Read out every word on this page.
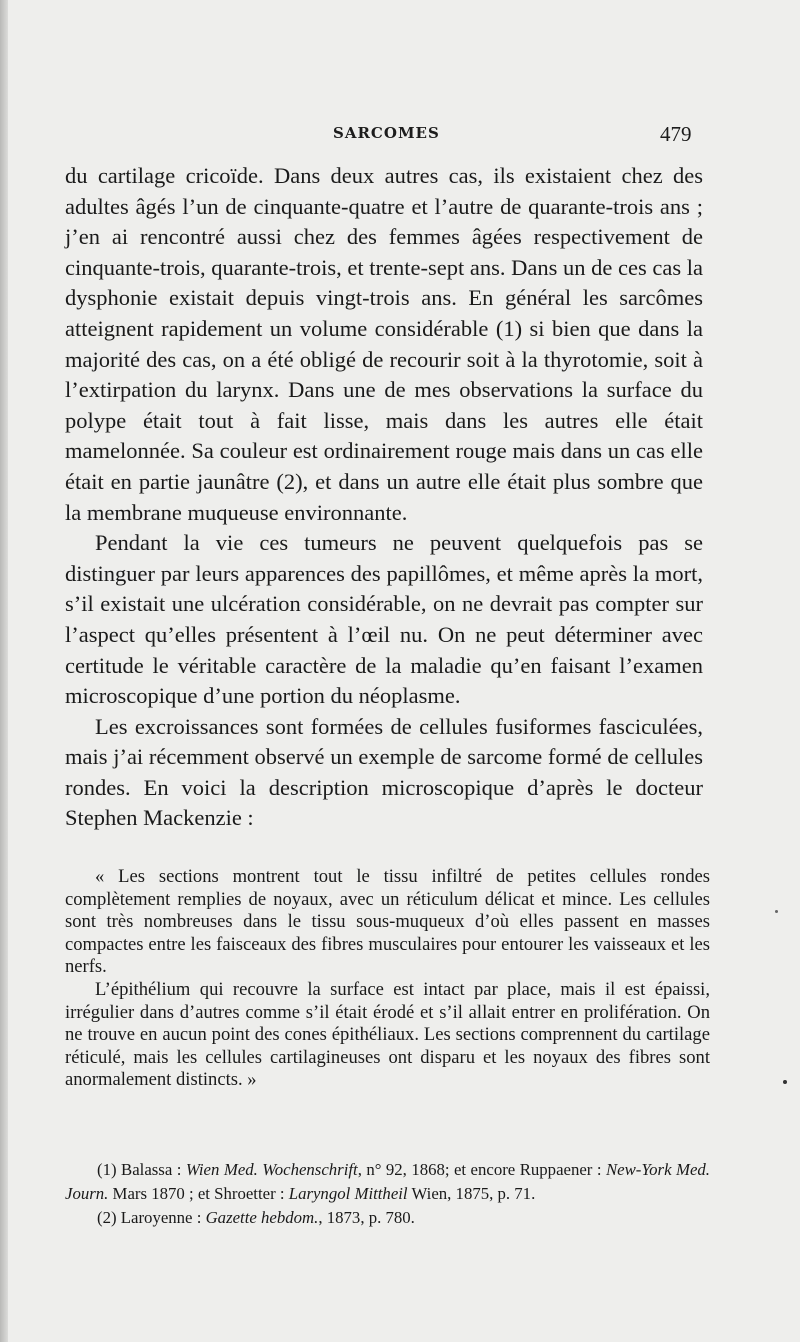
SARCOMES	479

du cartilage cricoïde. Dans deux autres cas, ils existaient chez des adultes âgés l’un de cinquante-quatre et l’autre de quarante-trois ans ; j’en ai rencontré aussi chez des femmes âgées respectivement de cinquante-trois, quarante-trois, et trente-sept ans. Dans un de ces cas la dysphonie existait depuis vingt-trois ans. En général les sarcômes atteignent rapidement un volume considérable (1) si bien que dans la majorité des cas, on a été obligé de recourir soit à la thyrotomie, soit à l’extirpation du larynx. Dans une de mes observations la surface du polype était tout à fait lisse, mais dans les autres elle était mamelonnée. Sa couleur est ordinairement rouge mais dans un cas elle était en partie jaunâtre (2), et dans un autre elle était plus sombre que la membrane muqueuse environnante.

Pendant la vie ces tumeurs ne peuvent quelquefois pas se distinguer par leurs apparences des papillômes, et même après la mort, s’il existait une ulcération considérable, on ne devrait pas compter sur l’aspect qu’elles présentent à l’œil nu. On ne peut déterminer avec certitude le véritable caractère de la maladie qu’en faisant l’examen microscopique d’une portion du néoplasme.

Les excroissances sont formées de cellules fusiformes fasciculées, mais j’ai récemment observé un exemple de sarcome formé de cellules rondes. En voici la description microscopique d’après le docteur Stephen Mackenzie :

« Les sections montrent tout le tissu infiltré de petites cellules rondes complètement remplies de noyaux, avec un réticulum délicat et mince. Les cellules sont très nombreuses dans le tissu sous-muqueux d’où elles passent en masses compactes entre les faisceaux des fibres musculaires pour entourer les vaisseaux et les nerfs.

L’épithélium qui recouvre la surface est intact par place, mais il est épaissi, irrégulier dans d’autres comme s’il était érodé et s’il allait entrer en prolifération. On ne trouve en aucun point des cones épithéliaux. Les sections comprennent du cartilage réticulé, mais les cellules cartilagineuses ont disparu et les noyaux des fibres sont anormalement distincts. »

(1) Balassa : Wien Med. Wochenschrift, n° 92, 1868; et encore Ruppaener : New-York Med. Journ. Mars 1870 ; et Shroetter : Laryngol Mittheil Wien, 1875, p. 71.

(2) Laroyenne : Gazette hebdom., 1873, p. 780.
